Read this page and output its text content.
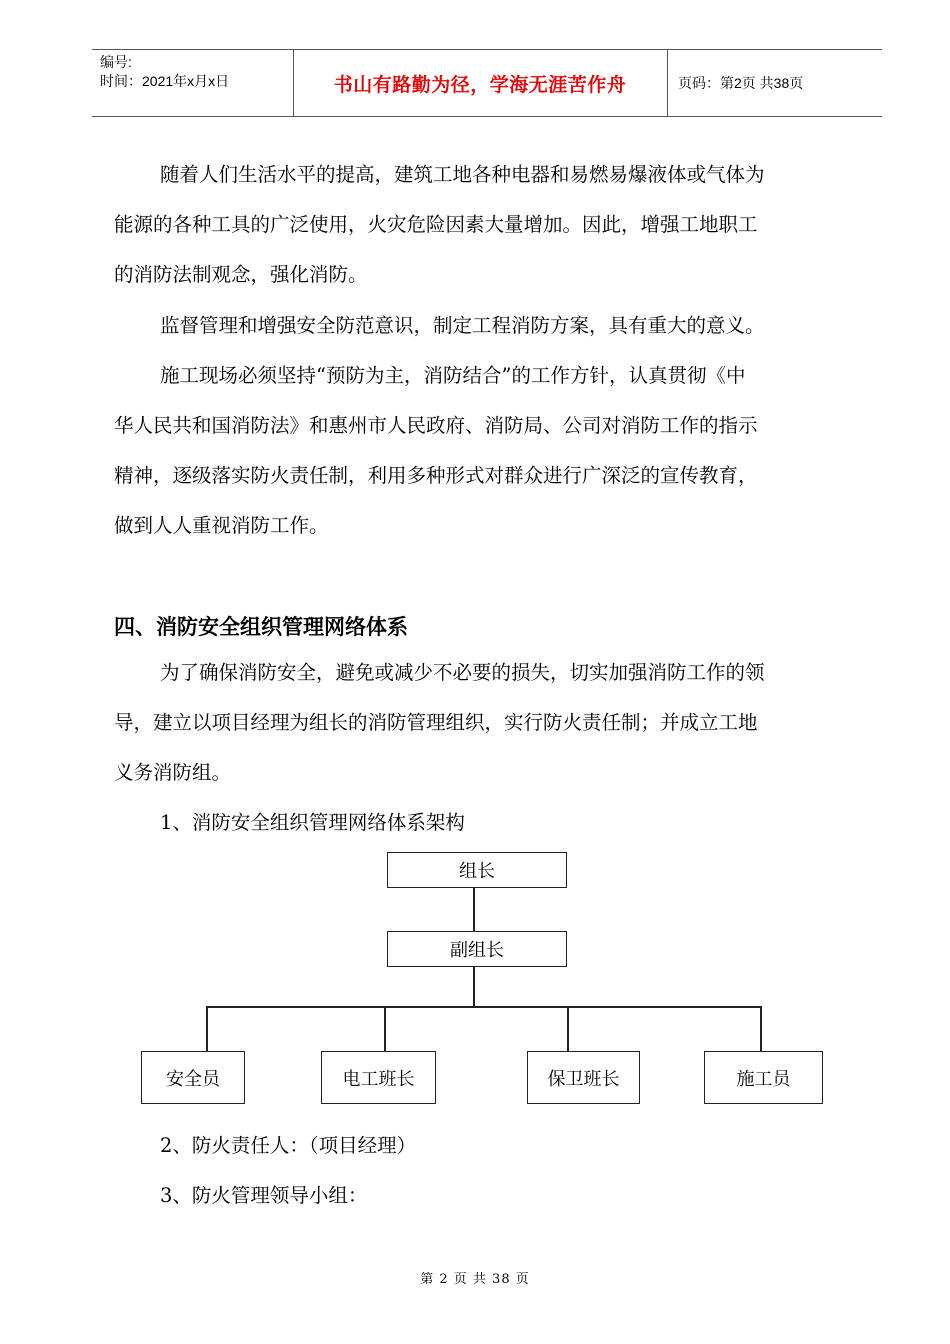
编号:
时间：2021年x月x日	书山有路勤为径，学海无涯苦作舟	页码：第2页 共38页
随着人们生活水平的提高，建筑工地各种电器和易燃易爆液体或气体为
能源的各种工具的广泛使用，火灾危险因素大量增加。因此，增强工地职工
的消防法制观念，强化消防。
监督管理和增强安全防范意识，制定工程消防方案，具有重大的意义。
施工现场必须坚持“预防为主，消防结合”的工作方针，认真贯彻《中
华人民共和国消防法》和惠州市人民政府、消防局、公司对消防工作的指示
精神，逐级落实防火责任制，利用多种形式对群众进行广深泛的宣传教育，
做到人人重视消防工作。
四、消防安全组织管理网络体系
为了确保消防安全，避免或减少不必要的损失，切实加强消防工作的领
导，建立以项目经理为组长的消防管理组织，实行防火责任制；并成立工地
义务消防组。
1、消防安全组织管理网络体系架构
组长
副组长
安全员	电工班长	保卫班长	施工员
2、防火责任人：（项目经理）
3、防火管理领导小组：
第 2 页 共 38 页
